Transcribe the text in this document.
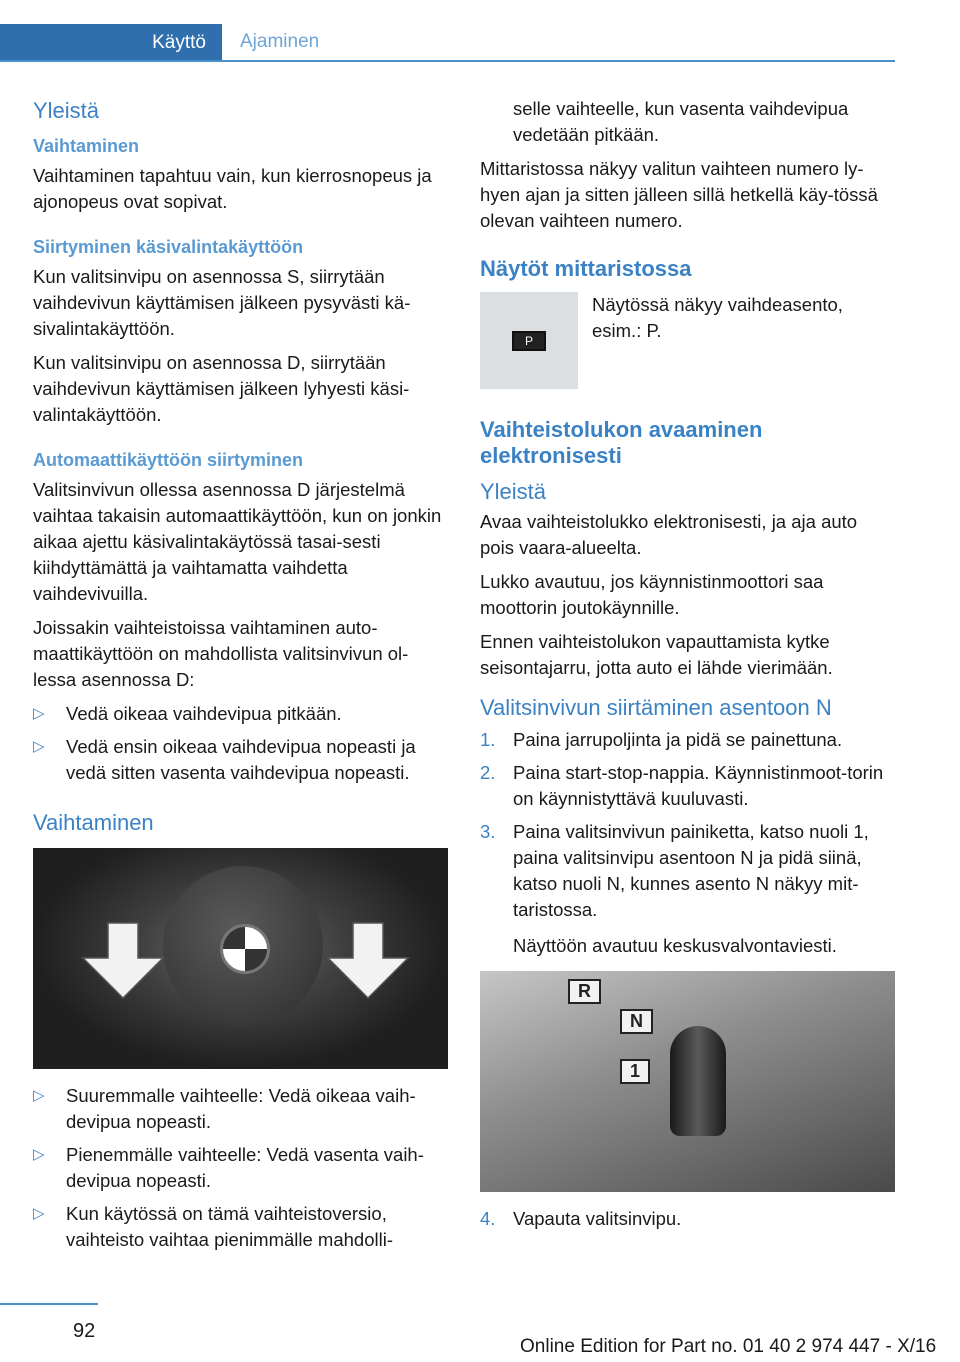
Käyttö Ajaminen
Yleistä
Vaihtaminen

Vaihtaminen tapahtuu vain, kun kierrosnopeus ja ajonopeus ovat sopivat.

Siirtyminen käsivalintakäyttöön

Kun valitsinvipu on asennossa S, siirrytään vaihdevivun käyttämisen jälkeen pysyvästi kä-sivalintakäyttöön.

Kun valitsinvipu on asennossa D, siirrytään vaihdevivun käyttämisen jälkeen lyhyesti käsi-valintakäyttöön.

Automaattikäyttöön siirtyminen

Valitsinvivun ollessa asennossa D järjestelmä vaihtaa takaisin automaattikäyttöön, kun on jonkin aikaa ajettu käsivalintakäytössä tasai-sesti kiihdyttämättä ja vaihtamatta vaihdetta vaihdevivuilla.

Joissakin vaihteistoissa vaihtaminen auto-maattikäyttöön on mahdollista valitsinvivun ol-lessa asennossa D:

▷ Vedä oikeaa vaihdevipua pitkään.
▷ Vedä ensin oikeaa vaihdevipua nopeasti ja vedä sitten vasenta vaihdevipua nopeasti.
Vaihtaminen
▷ Suuremmalle vaihteelle: Vedä oikeaa vaih-devipua nopeasti.
▷ Pienemmälle vaihteelle: Vedä vasenta vaih-devipua nopeasti.
▷ Kun käytössä on tämä vaihteistoversio, vaihteisto vaihtaa pienimmälle mahdolli-

selle vaihteelle, kun vasenta vaihdevipua vedetään pitkään.

Mittaristossa näkyy valitun vaihteen numero ly-hyen ajan ja sitten jälleen sillä hetkellä käy-tössä olevan vaihteen numero.

Näytöt mittaristossa
P

Näytössä näkyy vaihdeasento, esim.: P.

Vaihteistolukon avaaminen elektronisesti
Yleistä

Avaa vaihteistolukko elektronisesti, ja aja auto pois vaara-alueelta.

Lukko avautuu, jos käynnistinmoottori saa moottorin joutokäynnille.

Ennen vaihteistolukon vapauttamista kytke seisontajarru, jotta auto ei lähde vierimään.

Valitsinvivun siirtäminen asentoon N
1. Paina jarrupoljinta ja pidä se painettuna.
2. Paina start-stop-nappia. Käynnistinmoot-torin on käynnistyttävä kuuluvasti.
3. Paina valitsinvivun painiketta, katso nuoli 1, paina valitsinvipu asentoon N ja pidä siinä, katso nuoli N, kunnes asento N näkyy mit-taristossa.

Näyttöön avautuu keskusvalvontaviesti.

R
N
1
4. Vapauta valitsinvipu.
92
Online Edition for Part no. 01 40 2 974 447 - X/16
